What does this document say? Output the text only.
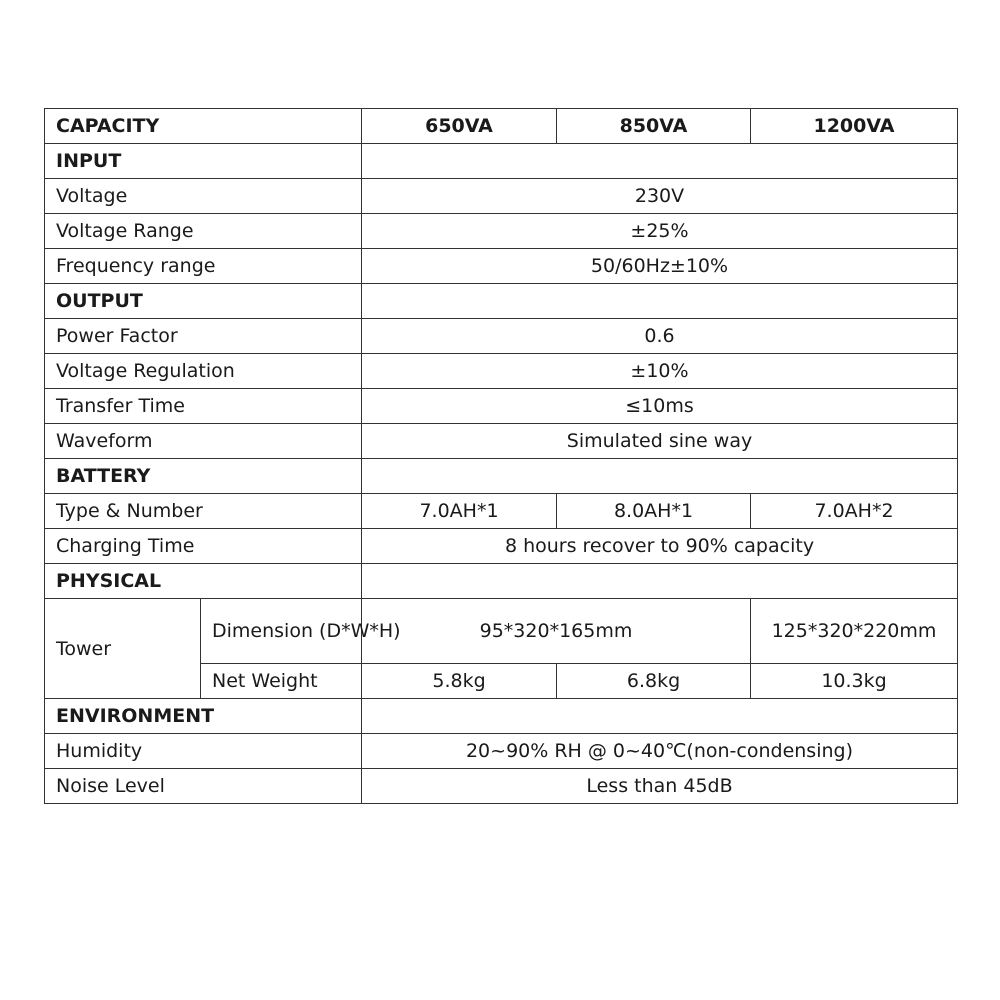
CAPACITY		650VA	850VA	1200VA
INPUT				
Voltage		230V		
Voltage Range		±25%		
Frequency range		50/60Hz±10%		
OUTPUT				
Power Factor		0.6		
Voltage Regulation		±10%		
Transfer Time		≤10ms		
Waveform		Simulated sine way		
BATTERY				
Type & Number		7.0AH*1	8.0AH*1	7.0AH*2
Charging Time		8 hours recover to 90% capacity		
PHYSICAL				
Tower	Dimension (D*W*H)	95*320*165mm		125*320*220mm
	Net Weight	5.8kg	6.8kg	10.3kg
ENVIRONMENT				
Humidity		20~90% RH @ 0~40℃(non-condensing)		
Noise Level		Less than 45dB		
